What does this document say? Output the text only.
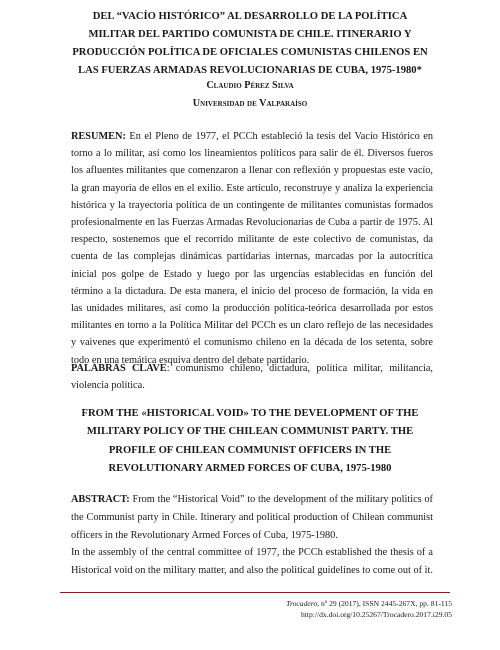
DEL “VACÍO HISTÓRICO” AL DESARROLLO DE LA POLÍTICA
MILITAR DEL PARTIDO COMUNISTA DE CHILE. ITINERARIO Y
PRODUCCIÓN POLÍTICA DE OFICIALES COMUNISTAS CHILENOS EN
LAS FUERZAS ARMADAS REVOLUCIONARIAS DE CUBA, 1975-1980*
Claudio Pérez Silva
Universidad de Valparaíso
RESUMEN: En el Pleno de 1977, el PCCh estableció la tesis del Vacío Histórico en torno a lo militar, así como los lineamientos políticos para salir de él. Diversos fueros los afluentes militantes que comenzaron a llenar con reflexión y propuestas este vacío, la gran mayoría de ellos en el exilio. Este artículo, reconstruye y analiza la experiencia histórica y la trayectoria política de un contingente de militantes comunistas formados profesionalmente en las Fuerzas Armadas Revolucionarias de Cuba a partir de 1975. Al respecto, sostenemos que el recorrido militante de este colectivo de comunistas, da cuenta de las complejas dinámicas partidarias internas, marcadas por la autocrítica inicial pos golpe de Estado y luego por las urgencias establecidas en función del término a la dictadura. De esta manera, el inicio del proceso de formación, la vida en las unidades militares, así como la producción política-teórica desarrollada por estos militantes en torno a la Política Militar del PCCh es un claro reflejo de las necesidades y vaivenes que experimentó el comunismo chileno en la década de los setenta, sobre todo en una temática esquiva dentro del debate partidario.
PALABRAS CLAVE: comunismo chileno, dictadura, política militar, militancia, violencia política.
FROM THE «HISTORICAL VOID» TO THE DEVELOPMENT OF THE
MILITARY POLICY OF THE CHILEAN COMMUNIST PARTY. THE
PROFILE OF CHILEAN COMMUNIST OFFICERS IN THE
REVOLUTIONARY ARMED FORCES OF CUBA, 1975-1980

ABSTRACT: From the “Historical Void” to the development of the military politics of the Communist party in Chile. Itinerary and political production of Chilean communist officers in the Revolutionary Armed Forces of Cuba, 1975-1980.

In the assembly of the central committee of 1977, the PCCh established the thesis of a Historical void on the military matter, and also the political guidelines to come out of it.

Trocadero, nº 29 (2017), ISSN 2445-267X, pp. 81-115
http://dx.doi.org/10.25267/Trocadero.2017.i29.05
